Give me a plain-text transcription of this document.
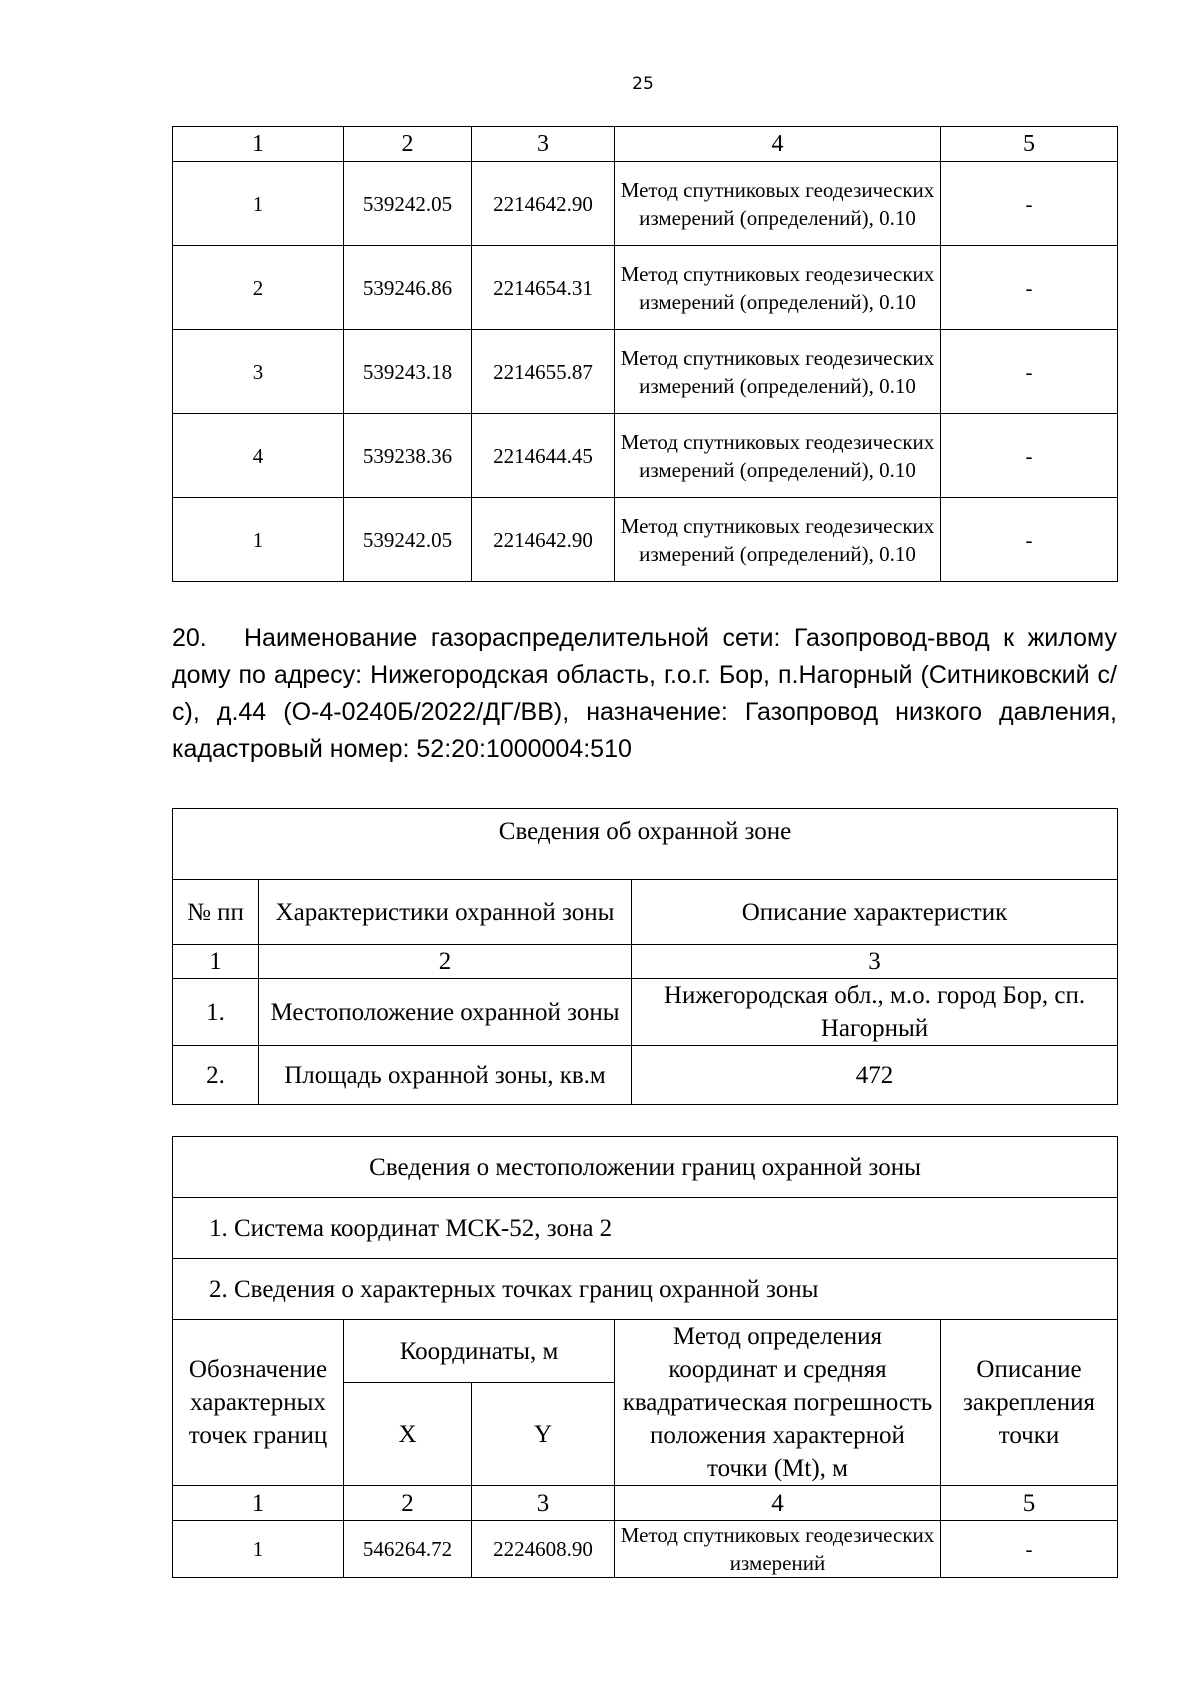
25
1	2	3	4	5
1	539242.05	2214642.90	Метод спутниковых геодезических измерений (определений), 0.10	-
2	539246.86	2214654.31	Метод спутниковых геодезических измерений (определений), 0.10	-
3	539243.18	2214655.87	Метод спутниковых геодезических измерений (определений), 0.10	-
4	539238.36	2214644.45	Метод спутниковых геодезических измерений (определений), 0.10	-
1	539242.05	2214642.90	Метод спутниковых геодезических измерений (определений), 0.10	-
20. Наименование газораспределительной сети: Газопровод-ввод к жилому дому по адресу: Нижегородская область, г.о.г. Бор, п.Нагорный (Ситниковский с/с), д.44 (О-4-0240Б/2022/ДГ/ВВ), назначение: Газопровод низкого давления, кадастровый номер: 52:20:1000004:510
Сведения об охранной зоне		
№ пп	Характеристики охранной зоны	Описание характеристик
1	2	3
1.	Местоположение охранной зоны	Нижегородская обл., м.о. город Бор, сп. Нагорный
2.	Площадь охранной зоны, кв.м	472
Сведения о местоположении границ охранной зоны				
1. Система координат МСК-52, зона 2				
2. Сведения о характерных точках границ охранной зоны				
Обозначение характерных точек границ	Координаты, м		Метод определения координат и средняя квадратическая погрешность положения характерной точки (Mt), м	Описание закрепления точки
	X	Y		
1	2	3	4	5
1	546264.72	2224608.90	Метод спутниковых геодезических измерений	-
